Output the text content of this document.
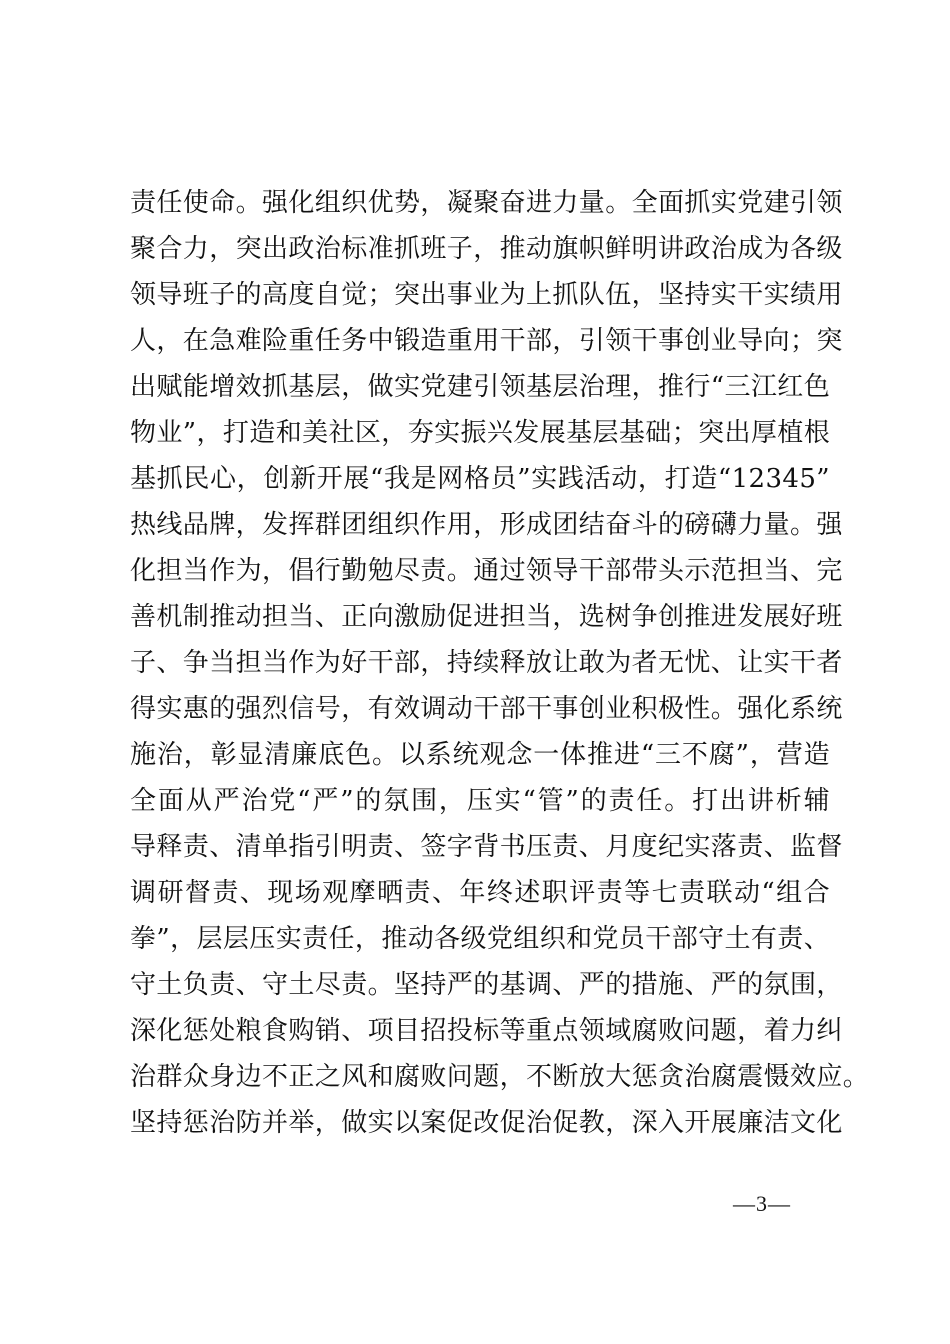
责任使命。强化组织优势，凝聚奋进力量。全面抓实党建引领
聚合力，突出政治标准抓班子，推动旗帜鲜明讲政治成为各级
领导班子的高度自觉；突出事业为上抓队伍，坚持实干实绩用
人，在急难险重任务中锻造重用干部，引领干事创业导向；突
出赋能增效抓基层，做实党建引领基层治理，推行“三江红色
物业”，打造和美社区，夯实振兴发展基层基础；突出厚植根
基抓民心，创新开展“我是网格员”实践活动，打造“12345”
热线品牌，发挥群团组织作用，形成团结奋斗的磅礴力量。强
化担当作为，倡行勤勉尽责。通过领导干部带头示范担当、完
善机制推动担当、正向激励促进担当，选树争创推进发展好班
子、争当担当作为好干部，持续释放让敢为者无忧、让实干者
得实惠的强烈信号，有效调动干部干事创业积极性。强化系统
施治，彰显清廉底色。以系统观念一体推进“三不腐”，营造
全面从严治党“严”的氛围，压实“管”的责任。打出讲析辅
导释责、清单指引明责、签字背书压责、月度纪实落责、监督
调研督责、现场观摩晒责、年终述职评责等七责联动“组合
拳”，层层压实责任，推动各级党组织和党员干部守土有责、
守土负责、守土尽责。坚持严的基调、严的措施、严的氛围，
深化惩处粮食购销、项目招投标等重点领域腐败问题，着力纠
治群众身边不正之风和腐败问题，不断放大惩贪治腐震慑效应。
坚持惩治防并举，做实以案促改促治促教，深入开展廉洁文化
—3—
